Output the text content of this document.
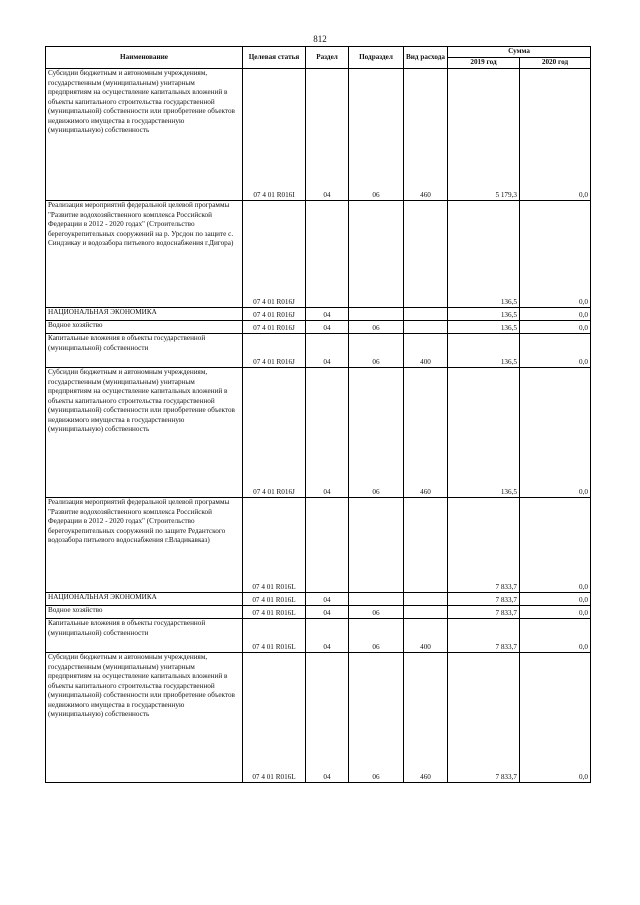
812
Наименование	Целевая статья	Раздел	Подраздел	Вид расхода	Сумма	
					2019 год	2020 год

Субсидии бюджетным и автономным учреждениям, государственным (муниципальным) унитарным предприятиям на осуществление капитальных вложений в объекты капитального строительства государственной (муниципальной) собственности или приобретение объектов недвижимого имущества в государственную (муниципальную) собственность	07 4 01 R016I	04	06	460	5 179,3	0,0

Реализация мероприятий федеральной целевой программы "Развитие водохозяйственного комплекса Российской Федерации в 2012 - 2020 годах" (Строительство берегоукрепительных сооружений на р. Урсдон по защите с. Синдзикау и водозабора питьевого водоснабжения г.Дигора)	07 4 01 R016J				136,5	0,0

НАЦИОНАЛЬНАЯ ЭКОНОМИКА	07 4 01 R016J	04			136,5	0,0

Водное хозяйство	07 4 01 R016J	04	06		136,5	0,0

Капитальные вложения в объекты государственной (муниципальной) собственности	07 4 01 R016J	04	06	400	136,5	0,0

Субсидии бюджетным и автономным учреждениям, государственным (муниципальным) унитарным предприятиям на осуществление капитальных вложений в объекты капитального строительства государственной (муниципальной) собственности или приобретение объектов недвижимого имущества в государственную (муниципальную) собственность	07 4 01 R016J	04	06	460	136,5	0,0

Реализация мероприятий федеральной целевой программы "Развитие водохозяйственного комплекса Российской Федерации в 2012 - 2020 годах" (Строительство берегоукрепительных сооружений по защите Редантского водозабора питьевого водоснабжения г.Владикавказ)	07 4 01 R016L				7 833,7	0,0

НАЦИОНАЛЬНАЯ ЭКОНОМИКА	07 4 01 R016L	04			7 833,7	0,0

Водное хозяйство	07 4 01 R016L	04	06		7 833,7	0,0

Капитальные вложения в объекты государственной (муниципальной) собственности	07 4 01 R016L	04	06	400	7 833,7	0,0

Субсидии бюджетным и автономным учреждениям, государственным (муниципальным) унитарным предприятиям на осуществление капитальных вложений в объекты капитального строительства государственной (муниципальной) собственности или приобретение объектов недвижимого имущества в государственную (муниципальную) собственность	07 4 01 R016L	04	06	460	7 833,7	0,0
